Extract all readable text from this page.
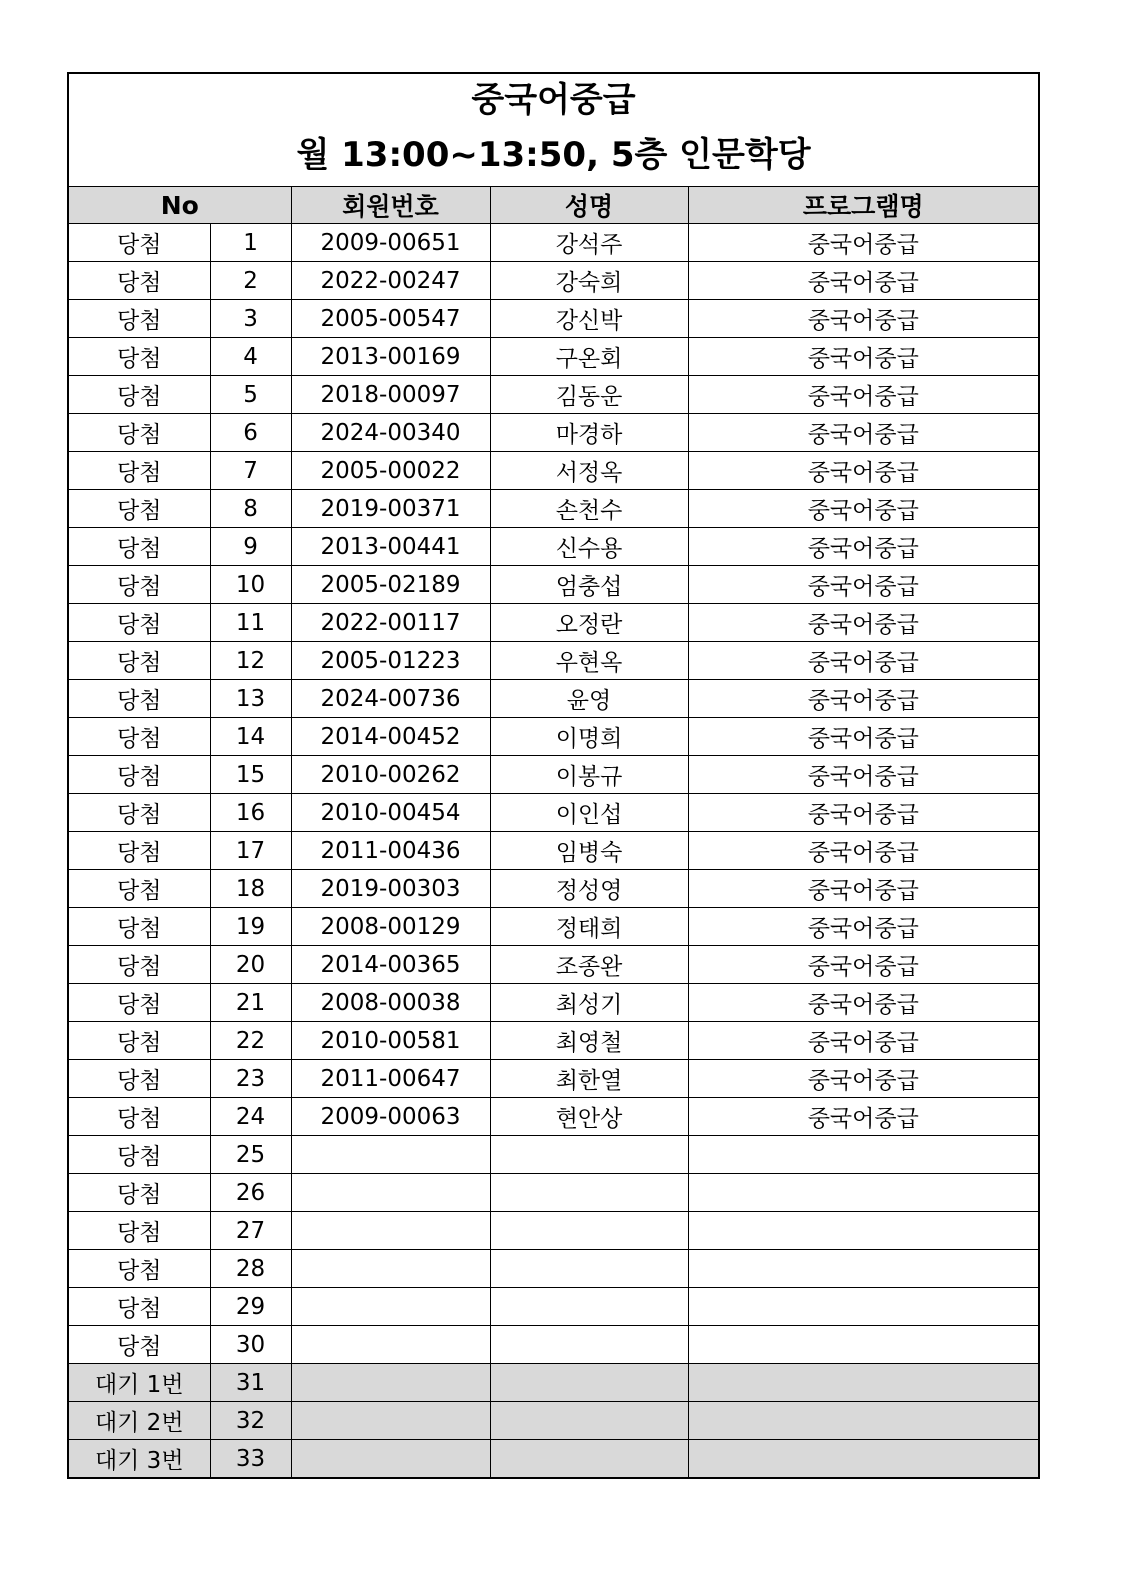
중국어중급
월 13:00~13:50, 5층 인문학당
No		회원번호	성명	프로그램명
당첨	1	2009-00651	강석주	중국어중급
당첨	2	2022-00247	강숙희	중국어중급
당첨	3	2005-00547	강신박	중국어중급
당첨	4	2013-00169	구온회	중국어중급
당첨	5	2018-00097	김동운	중국어중급
당첨	6	2024-00340	마경하	중국어중급
당첨	7	2005-00022	서정옥	중국어중급
당첨	8	2019-00371	손천수	중국어중급
당첨	9	2013-00441	신수용	중국어중급
당첨	10	2005-02189	엄충섭	중국어중급
당첨	11	2022-00117	오정란	중국어중급
당첨	12	2005-01223	우현옥	중국어중급
당첨	13	2024-00736	윤영	중국어중급
당첨	14	2014-00452	이명희	중국어중급
당첨	15	2010-00262	이봉규	중국어중급
당첨	16	2010-00454	이인섭	중국어중급
당첨	17	2011-00436	임병숙	중국어중급
당첨	18	2019-00303	정성영	중국어중급
당첨	19	2008-00129	정태희	중국어중급
당첨	20	2014-00365	조종완	중국어중급
당첨	21	2008-00038	최성기	중국어중급
당첨	22	2010-00581	최영철	중국어중급
당첨	23	2011-00647	최한열	중국어중급
당첨	24	2009-00063	현안상	중국어중급
당첨	25			
당첨	26			
당첨	27			
당첨	28			
당첨	29			
당첨	30			
대기 1번	31			
대기 2번	32			
대기 3번	33			
